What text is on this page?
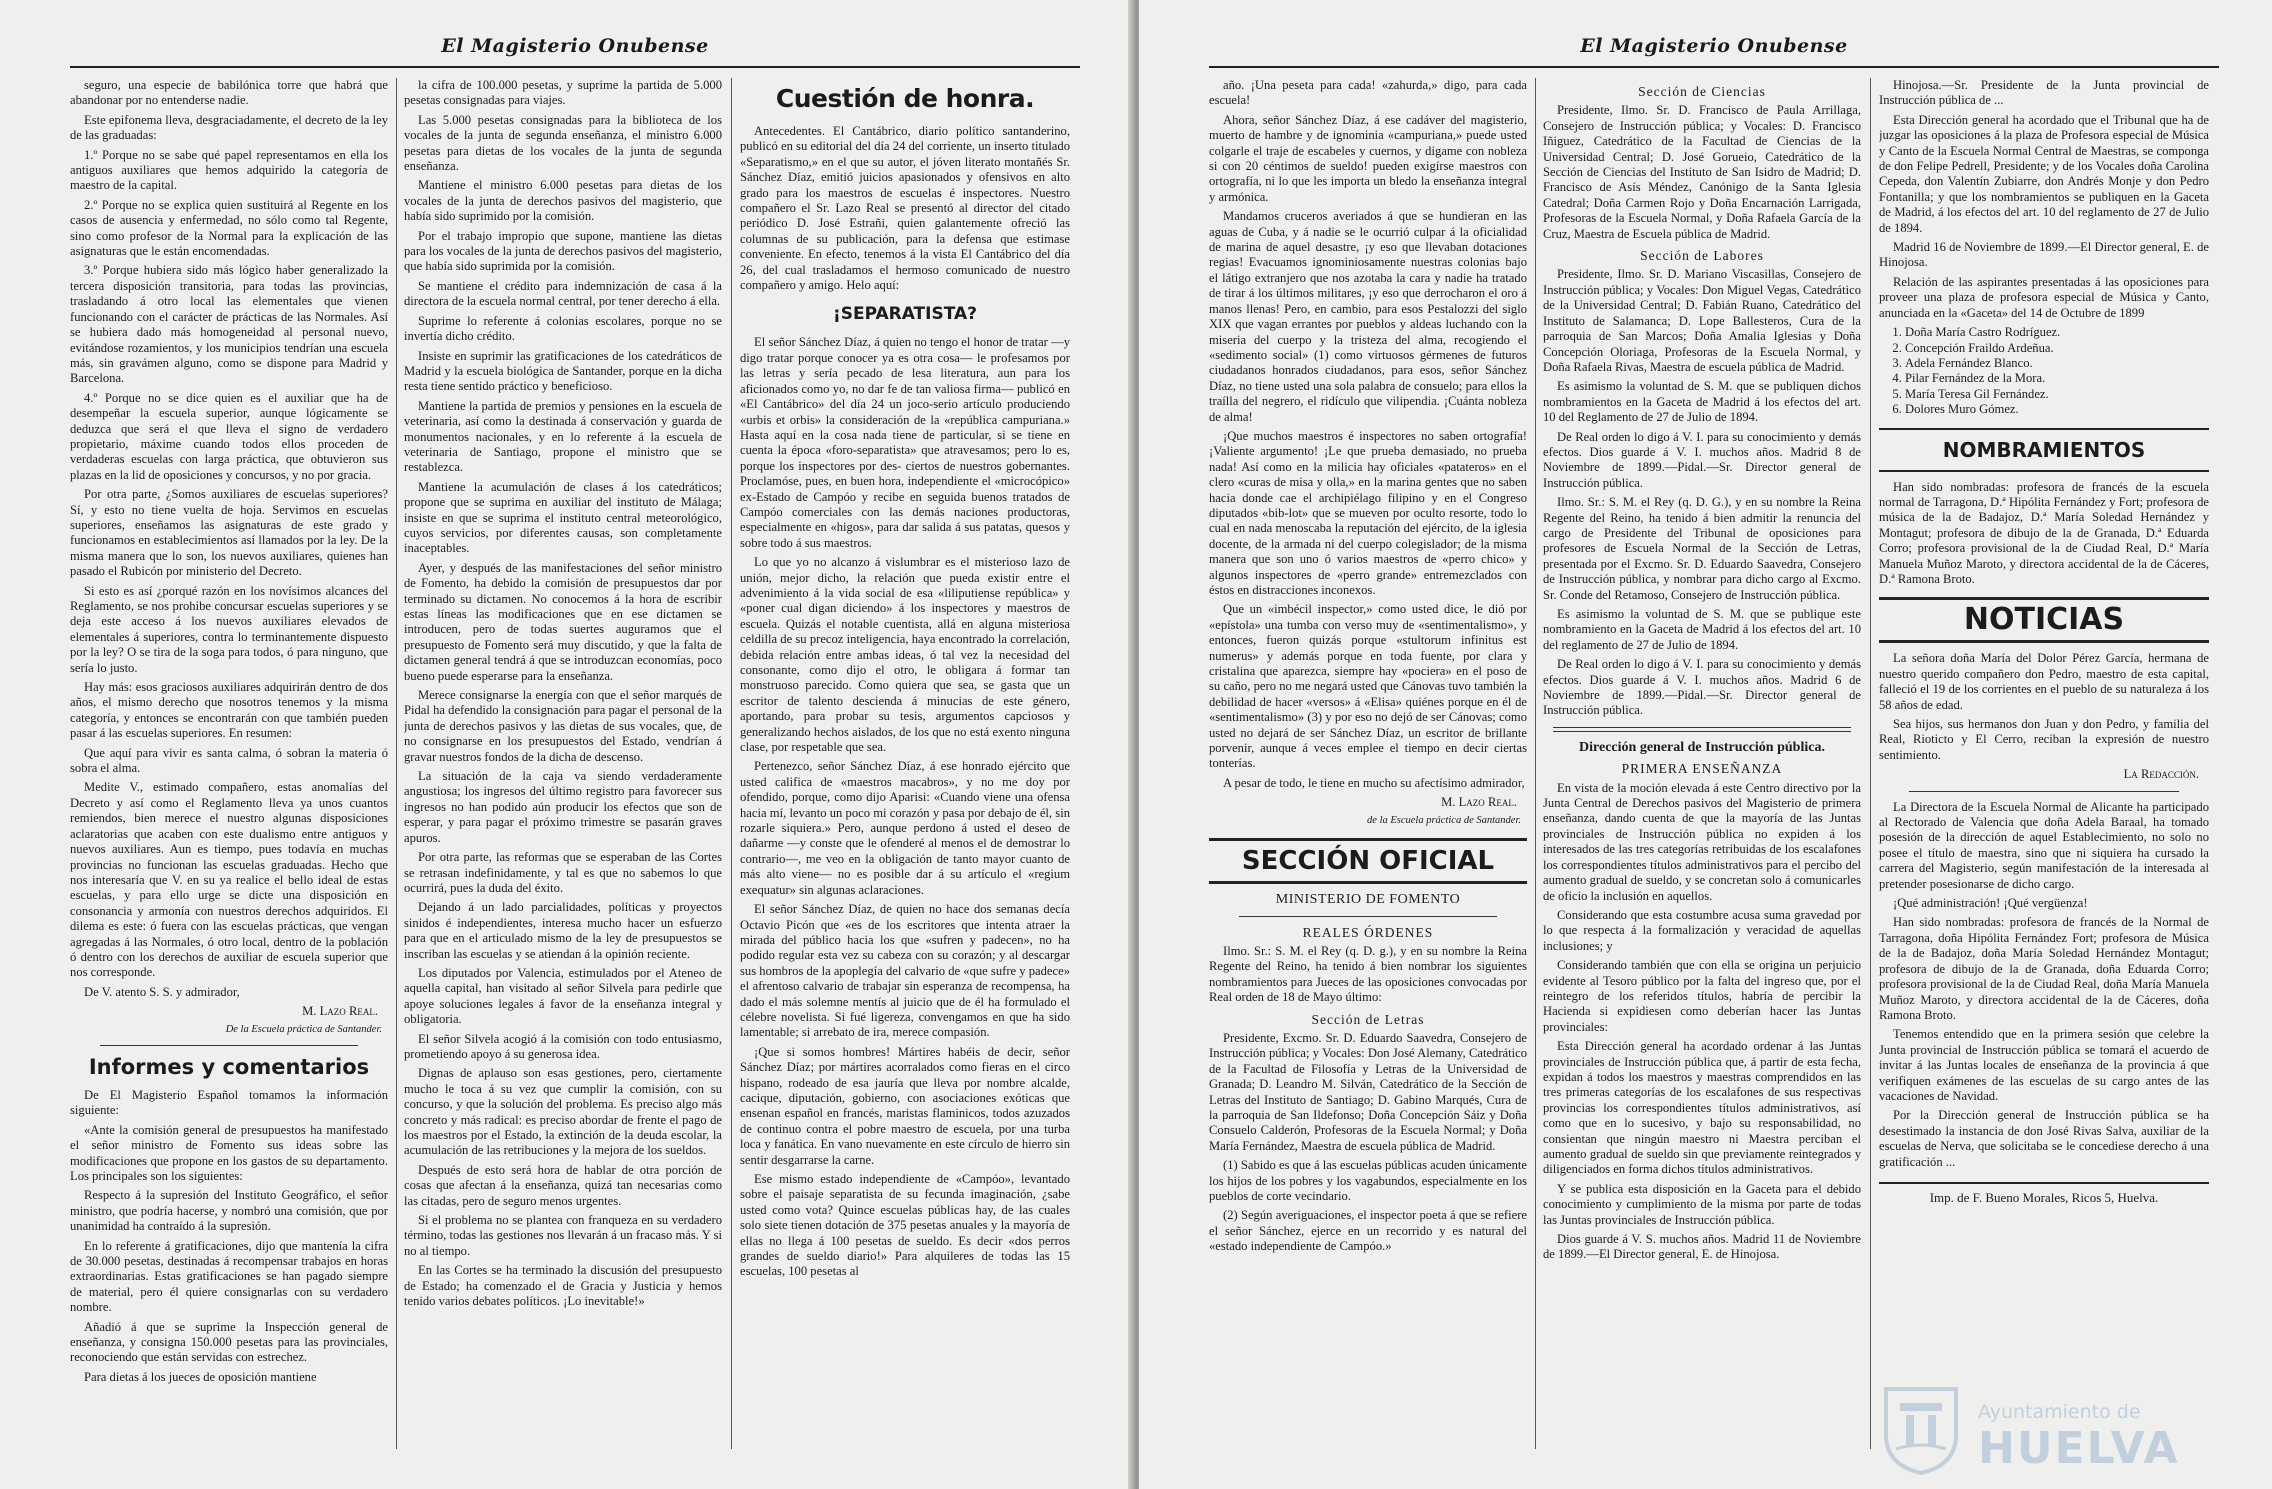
El Magisterio Onubense

seguro, una especie de babilónica torre que habrá que abandonar por no entenderse nadie.

Este epifonema lleva, desgraciadamente, el decreto de la ley de las graduadas:

1.º Porque no se sabe qué papel representamos en ella los antiguos auxiliares que hemos adquirido la categoría de maestro de la capital.

2.º Porque no se explica quien sustituirá al Regente en los casos de ausencia y enfermedad, no sólo como tal Regente, sino como profesor de la Normal para la explicación de las asignaturas que le están encomendadas.

3.º Porque hubiera sido más lógico haber generalizado la tercera disposición transitoria, para todas las provincias, trasladando á otro local las elementales que vienen funcionando con el carácter de prácticas de las Normales. Así se hubiera dado más homogeneidad al personal nuevo, evitándose rozamientos, y los municipios tendrían una escuela más, sin gravámen alguno, como se dispone para Madrid y Barcelona.

4.º Porque no se dice quien es el auxiliar que ha de desempeñar la escuela superior, aunque lógicamente se deduzca que será el que lleva el signo de verdadero propietario, máxime cuando todos ellos proceden de verdaderas escuelas con larga práctica, que obtuvieron sus plazas en la lid de oposiciones y concursos, y no por gracia.

Por otra parte, ¿Somos auxiliares de escuelas superiores? Sí, y esto no tiene vuelta de hoja. Servimos en escuelas superiores, enseñamos las asignaturas de este grado y funcionamos en establecimientos así llamados por la ley. De la misma manera que lo son, los nuevos auxiliares, quienes han pasado el Rubicón por ministerio del Decreto.

Si esto es así ¿porqué razón en los novísimos alcances del Reglamento, se nos prohibe concursar escuelas superiores y se deja este acceso á los nuevos auxiliares elevados de elementales á superiores, contra lo terminantemente dispuesto por la ley? O se tira de la soga para todos, ó para ninguno, que sería lo justo.

Hay más: esos graciosos auxiliares adquirirán dentro de dos años, el mismo derecho que nosotros tenemos y la misma categoría, y entonces se encontrarán con que también pueden pasar á las escuelas superiores. En resumen:

Que aquí para vivir es santa calma, ó sobran la materia ó sobra el alma.

Medite V., estimado compañero, estas anomalías del Decreto y así como el Reglamento lleva ya unos cuantos remiendos, bien merece el nuestro algunas disposiciones aclaratorias que acaben con este dualismo entre antiguos y nuevos auxiliares. Aun es tiempo, pues todavía en muchas provincias no funcionan las escuelas graduadas. Hecho que nos interesaría que V. en su ya realice el bello ideal de estas escuelas, y para ello urge se dicte una disposición en consonancia y armonía con nuestros derechos adquiridos. El dilema es este: ó fuera con las escuelas prácticas, que vengan agregadas á las Normales, ó otro local, dentro de la población ó dentro con los derechos de auxiliar de escuela superior que nos corresponde.

De V. atento S. S. y admirador,

M. Lazo Real.
De la Escuela práctica de Santander.
Informes y comentarios

De El Magisterio Español tomamos la información siguiente:

«Ante la comisión general de presupuestos ha manifestado el señor ministro de Fomento sus ideas sobre las modificaciones que propone en los gastos de su departamento. Los principales son los siguientes:

Respecto á la supresión del Instituto Geográfico, el señor ministro, que podría hacerse, y nombró una comisión, que por unanimidad ha contraído á la supresión.

En lo referente á gratificaciones, dijo que mantenía la cifra de 30.000 pesetas, destinadas á recompensar trabajos en horas extraordinarias. Estas gratificaciones se han pagado siempre de material, pero él quiere consignarlas con su verdadero nombre.

Añadió á que se suprime la Inspección general de enseñanza, y consigna 150.000 pesetas para las provinciales, reconociendo que están servidas con estrechez.

Para dietas á los jueces de oposición mantiene

la cifra de 100.000 pesetas, y suprime la partida de 5.000 pesetas consignadas para viajes.

Las 5.000 pesetas consignadas para la biblioteca de los vocales de la junta de segunda enseñanza, el ministro 6.000 pesetas para dietas de los vocales de la junta de segunda enseñanza.

Mantiene el ministro 6.000 pesetas para dietas de los vocales de la junta de derechos pasivos del magisterio, que había sido suprimido por la comisión.

Por el trabajo impropio que supone, mantiene las dietas para los vocales de la junta de derechos pasivos del magisterio, que había sido suprimida por la comisión.

Se mantiene el crédito para indemnización de casa á la directora de la escuela normal central, por tener derecho á ella.

Suprime lo referente á colonias escolares, porque no se invertía dicho crédito.

Insiste en suprimir las gratificaciones de los catedráticos de Madrid y la escuela biológica de Santander, porque en la dicha resta tiene sentido práctico y beneficioso.

Mantiene la partida de premios y pensiones en la escuela de veterinaria, así como la destinada á conservación y guarda de monumentos nacionales, y en lo referente á la escuela de veterinaria de Santiago, propone el ministro que se restablezca.

Mantiene la acumulación de clases á los catedráticos; propone que se suprima en auxiliar del instituto de Málaga; insiste en que se suprima el instituto central meteorológico, cuyos servicios, por diferentes causas, son completamente inaceptables.

Ayer, y después de las manifestaciones del señor ministro de Fomento, ha debido la comisión de presupuestos dar por terminado su dictamen. No conocemos á la hora de escribir estas líneas las modificaciones que en ese dictamen se introducen, pero de todas suertes auguramos que el presupuesto de Fomento será muy discutido, y que la falta de dictamen general tendrá á que se introduzcan economías, poco bueno puede esperarse para la enseñanza.

Merece consignarse la energía con que el señor marqués de Pidal ha defendido la consignación para pagar el personal de la junta de derechos pasivos y las dietas de sus vocales, que, de no consignarse en los presupuestos del Estado, vendrían á gravar nuestros fondos de la dicha de descenso.

La situación de la caja va siendo verdaderamente angustiosa; los ingresos del último registro para favorecer sus ingresos no han podido aún producir los efectos que son de esperar, y para pagar el próximo trimestre se pasarán graves apuros.

Por otra parte, las reformas que se esperaban de las Cortes se retrasan indefinidamente, y tal es que no sabemos lo que ocurrirá, pues la duda del éxito.

Dejando á un lado parcialidades, políticas y proyectos sinidos é independientes, interesa mucho hacer un esfuerzo para que en el articulado mismo de la ley de presupuestos se inscriban las escuelas y se atiendan á la opinión reciente.

Los diputados por Valencia, estimulados por el Ateneo de aquella capital, han visitado al señor Silvela para pedirle que apoye soluciones legales á favor de la enseñanza integral y obligatoria.

El señor Silvela acogió á la comisión con todo entusiasmo, prometiendo apoyo á su generosa idea.

Dignas de aplauso son esas gestiones, pero, ciertamente mucho le toca á su vez que cumplir la comisión, con su concurso, y que la solución del problema. Es preciso algo más concreto y más radical: es preciso abordar de frente el pago de los maestros por el Estado, la extinción de la deuda escolar, la acumulación de las retribuciones y la mejora de los sueldos.

Después de esto será hora de hablar de otra porción de cosas que afectan á la enseñanza, quizá tan necesarias como las citadas, pero de seguro menos urgentes.

Si el problema no se plantea con franqueza en su verdadero término, todas las gestiones nos llevarán á un fracaso más. Y si no al tiempo.

En las Cortes se ha terminado la discusión del presupuesto de Estado; ha comenzado el de Gracia y Justicia y hemos tenido varios debates políticos. ¡Lo inevitable!»

Cuestión de honra.

Antecedentes. El Cantábrico, diario político santanderino, publicó en su editorial del día 24 del corriente, un inserto titulado «Separatismo,» en el que su autor, el jóven literato montañés Sr. Sánchez Díaz, emitió juicios apasionados y ofensivos en alto grado para los maestros de escuelas é inspectores. Nuestro compañero el Sr. Lazo Real se presentó al director del citado periódico D. José Estrañi, quien galantemente ofreció las columnas de su publicación, para la defensa que estimase conveniente. En efecto, tenemos á la vista El Cantábrico del día 26, del cual trasladamos el hermoso comunicado de nuestro compañero y amigo. Helo aquí:

¡SEPARATISTA?

El señor Sánchez Díaz, á quien no tengo el honor de tratar —y digo tratar porque conocer ya es otra cosa— le profesamos por las letras y sería pecado de lesa literatura, aun para los aficionados como yo, no dar fe de tan valiosa firma— publicó en «El Cantábrico» del día 24 un joco-serio artículo produciendo «urbis et orbis» la consideración de la «república campuriana.» Hasta aquí en la cosa nada tiene de particular, si se tiene en cuenta la época «foro-separatista» que atravesamos; pero lo es, porque los inspectores por des- ciertos de nuestros gobernantes. Proclamóse, pues, en buen hora, independiente el «microcópico» ex-Estado de Campóo y recibe en seguida buenos tratados de Campóo comerciales con las demás naciones productoras, especialmente en «higos», para dar salida á sus patatas, quesos y sobre todo á sus maestros.

Lo que yo no alcanzo á vislumbrar es el misterioso lazo de unión, mejor dicho, la relación que pueda existir entre el advenimiento á la vida social de esa «liliputiense república» y «poner cual digan diciendo» á los inspectores y maestros de escuela. Quizás el notable cuentista, allá en alguna misteriosa celdilla de su precoz inteligencia, haya encontrado la correlación, debida relación entre ambas ideas, ó tal vez la necesidad del consonante, como dijo el otro, le obligara á formar tan monstruoso parecido. Como quiera que sea, se gasta que un escritor de talento descienda á minucias de este género, aportando, para probar su tesis, argumentos capciosos y generalizando hechos aislados, de los que no está exento ninguna clase, por respetable que sea.

Pertenezco, señor Sánchez Díaz, á ese honrado ejército que usted califica de «maestros macabros», y no me doy por ofendido, porque, como dijo Aparisi: «Cuando viene una ofensa hacia mí, levanto un poco mi corazón y pasa por debajo de él, sin rozarle siquiera.» Pero, aunque perdono á usted el deseo de dañarme —y conste que le ofenderé al menos el de demostrar lo contrario—, me veo en la obligación de tanto mayor cuanto de más alto viene— no es posible dar á su artículo el «regium exequatur» sin algunas aclaraciones.

El señor Sánchez Díaz, de quien no hace dos semanas decía Octavio Picón que «es de los escritores que intenta atraer la mirada del público hacia los que «sufren y padecen», no ha podido regular esta vez su cabeza con su corazón; y al descargar sus hombros de la apoplegía del calvario de «que sufre y padece» el afrentoso calvario de trabajar sin esperanza de recompensa, ha dado el más solemne mentís al juicio que de él ha formulado el célebre novelista. Si fué ligereza, convengamos en que ha sido lamentable; si arrebato de ira, merece compasión.

¡Que si somos hombres! Mártires habéis de decir, señor Sánchez Díaz; por mártires acorralados como fieras en el circo hispano, rodeado de esa jauría que lleva por nombre alcalde, cacique, diputación, gobierno, con asociaciones exóticas que ensenan español en francés, maristas flaminicos, todos azuzados de continuo contra el pobre maestro de escuela, por una turba loca y fanática. En vano nuevamente en este círculo de hierro sin sentir desgarrarse la carne.

Ese mismo estado independiente de «Campóo», levantado sobre el paisaje separatista de su fecunda imaginación, ¿sabe usted como vota? Quince escuelas públicas hay, de las cuales solo siete tienen dotación de 375 pesetas anuales y la mayoría de ellas no llega á 100 pesetas de sueldo. Es decir «dos perros grandes de sueldo diario!» Para alquileres de todas las 15 escuelas, 100 pesetas al

El Magisterio Onubense

año. ¡Una peseta para cada! «zahurda,» digo, para cada escuela!

Ahora, señor Sánchez Díaz, á ese cadáver del magisterio, muerto de hambre y de ignominia «campuriana,» puede usted colgarle el traje de escabeles y cuernos, y digame con nobleza si con 20 céntimos de sueldo! pueden exigírse maestros con ortografía, ni lo que les importa un bledo la enseñanza integral y armónica.

Mandamos cruceros averiados á que se hundieran en las aguas de Cuba, y á nadie se le ocurrió culpar á la oficialidad de marina de aquel desastre, ¡y eso que llevaban dotaciones regias! Evacuamos ignominiosamente nuestras colonias bajo el látigo extranjero que nos azotaba la cara y nadie ha tratado de tirar á los últimos militares, ¡y eso que derrocharon el oro á manos llenas! Pero, en cambio, para esos Pestalozzi del siglo XIX que vagan errantes por pueblos y aldeas luchando con la miseria del cuerpo y la tristeza del alma, recogiendo el «sedimento social» (1) como virtuosos gérmenes de futuros ciudadanos honrados ciudadanos, para esos, señor Sánchez Díaz, no tiene usted una sola palabra de consuelo; para ellos la traílla del negrero, el ridículo que vilipendia. ¡Cuánta nobleza de alma!

¡Que muchos maestros é inspectores no saben ortografía! ¡Valiente argumento! ¡Le que prueba demasiado, no prueba nada! Así como en la milicia hay oficiales «patateros» en el clero «curas de misa y olla,» en la marina gentes que no saben hacia donde cae el archipiélago filipino y en el Congreso diputados «bib-lot» que se mueven por oculto resorte, todo lo cual en nada menoscaba la reputación del ejército, de la iglesia docente, de la armada ni del cuerpo colegislador; de la misma manera que son uno ó varios maestros de «perro chico» y algunos inspectores de «perro grande» entremezclados con éstos en distracciones inconexos.

Que un «imbécil inspector,» como usted dice, le dió por «epístola» una tumba con verso muy de «sentimentalismo», y entonces, fueron quizás porque «stultorum infinitus est numerus» y además porque en toda fuente, por clara y cristalina que aparezca, siempre hay «pociera» en el poso de su caño, pero no me negará usted que Cánovas tuvo también la debilidad de hacer «versos» á «Elisa» quiénes porque en él de «sentimentalismo» (3) y por eso no dejó de ser Cánovas; como usted no dejará de ser Sánchez Díaz, un escritor de brillante porvenir, aunque á veces emplee el tiempo en decir ciertas tonterías.

A pesar de todo, le tiene en mucho su afectísimo admirador,

M. Lazo Real.
de la Escuela práctica de Santander.
SECCIÓN OFICIAL
MINISTERIO DE FOMENTO
REALES ÓRDENES

Ilmo. Sr.: S. M. el Rey (q. D. g.), y en su nombre la Reina Regente del Reino, ha tenido á bien nombrar los siguientes nombramientos para Jueces de las oposiciones convocadas por Real orden de 18 de Mayo último:

Sección de Letras

Presidente, Excmo. Sr. D. Eduardo Saavedra, Consejero de Instrucción pública; y Vocales: Don José Alemany, Catedrático de la Facultad de Filosofía y Letras de la Universidad de Granada; D. Leandro M. Silván, Catedrático de la Sección de Letras del Instituto de Santiago; D. Gabino Marqués, Cura de la parroquia de San Ildefonso; Doña Concepción Sáiz y Doña Consuelo Calderón, Profesoras de la Escuela Normal; y Doña María Fernández, Maestra de escuela pública de Madrid.

(1) Sabido es que á las escuelas públicas acuden únicamente los hijos de los pobres y los vagabundos, especialmente en los pueblos de corte vecindario.

(2) Según averiguaciones, el inspector poeta á que se refiere el señor Sánchez, ejerce en un recorrido y es natural del «estado independiente de Campóo.»

Sección de Ciencias

Presidente, Ilmo. Sr. D. Francisco de Paula Arrillaga, Consejero de Instrucción pública; y Vocales: D. Francisco Iñiguez, Catedrático de la Facultad de Ciencias de la Universidad Central; D. José Gorueio, Catedrático de la Sección de Ciencias del Instituto de San Isidro de Madrid; D. Francisco de Asís Méndez, Canónigo de la Santa Iglesia Catedral; Doña Carmen Rojo y Doña Encarnación Larrigada, Profesoras de la Escuela Normal, y Doña Rafaela García de la Cruz, Maestra de Escuela pública de Madrid.

Sección de Labores

Presidente, Ilmo. Sr. D. Mariano Viscasillas, Consejero de Instrucción pública; y Vocales: Don Miguel Vegas, Catedrático de la Universidad Central; D. Fabián Ruano, Catedrático del Instituto de Salamanca; D. Lope Ballesteros, Cura de la parroquia de San Marcos; Doña Amalia Iglesias y Doña Concepción Oloriaga, Profesoras de la Escuela Normal, y Doña Rafaela Rivas, Maestra de escuela pública de Madrid.

Es asimismo la voluntad de S. M. que se publiquen dichos nombramientos en la Gaceta de Madrid á los efectos del art. 10 del Reglamento de 27 de Julio de 1894.

De Real orden lo digo á V. I. para su conocimiento y demás efectos. Dios guarde á V. I. muchos años. Madrid 8 de Noviembre de 1899.—Pidal.—Sr. Director general de Instrucción pública.

Ilmo. Sr.: S. M. el Rey (q. D. G.), y en su nombre la Reina Regente del Reino, ha tenido á bien admitir la renuncia del cargo de Presidente del Tribunal de oposiciones para profesores de Escuela Normal de la Sección de Letras, presentada por el Excmo. Sr. D. Eduardo Saavedra, Consejero de Instrucción pública, y nombrar para dicho cargo al Excmo. Sr. Conde del Retamoso, Consejero de Instrucción pública.

Es asimismo la voluntad de S. M. que se publique este nombramiento en la Gaceta de Madrid á los efectos del art. 10 del reglamento de 27 de Julio de 1894.

De Real orden lo digo á V. I. para su conocimiento y demás efectos. Dios guarde á V. I. muchos años. Madrid 6 de Noviembre de 1899.—Pidal.—Sr. Director general de Instrucción pública.

Dirección general de Instrucción pública.
PRIMERA ENSEÑANZA

En vista de la moción elevada á este Centro directivo por la Junta Central de Derechos pasivos del Magisterio de primera enseñanza, dando cuenta de que la mayoría de las Juntas provinciales de Instrucción pública no expiden á los interesados de las tres categorías retribuidas de los escalafones los correspondientes títulos administrativos para el percibo del aumento gradual de sueldo, y se concretan solo á comunicarles de oficio la inclusión en aquellos.

Considerando que esta costumbre acusa suma gravedad por lo que respecta á la formalización y veracidad de aquellas inclusiones; y

Considerando también que con ella se origina un perjuicio evidente al Tesoro público por la falta del ingreso que, por el reintegro de los referidos títulos, habría de percibir la Hacienda si expidiesen como deberían hacer las Juntas provinciales:

Esta Dirección general ha acordado ordenar á las Juntas provinciales de Instrucción pública que, á partir de esta fecha, expidan á todos los maestros y maestras comprendidos en las tres primeras categorías de los escalafones de sus respectivas provincias los correspondientes títulos administrativos, así como que en lo sucesivo, y bajo su responsabilidad, no consientan que ningún maestro ni Maestra perciban el aumento gradual de sueldo sin que previamente reintegrados y diligenciados en forma dichos títulos administrativos.

Y se publica esta disposición en la Gaceta para el debido conocimiento y cumplimiento de la misma por parte de todas las Juntas provinciales de Instrucción pública.

Dios guarde á V. S. muchos años. Madrid 11 de Noviembre de 1899.—El Director general, E. de Hinojosa.

Hinojosa.—Sr. Presidente de la Junta provincial de Instrucción pública de ...

Esta Dirección general ha acordado que el Tribunal que ha de juzgar las oposiciones á la plaza de Profesora especial de Música y Canto de la Escuela Normal Central de Maestras, se componga de don Felipe Pedrell, Presidente; y de los Vocales doña Carolina Cepeda, don Valentín Zubiarre, don Andrés Monje y don Pedro Fontanilla; y que los nombramientos se publiquen en la Gaceta de Madrid, á los efectos del art. 10 del reglamento de 27 de Julio de 1894.

Madrid 16 de Noviembre de 1899.—El Director general, E. de Hinojosa.

Relación de las aspirantes presentadas á las oposiciones para proveer una plaza de profesora especial de Música y Canto, anunciada en la «Gaceta» del 14 de Octubre de 1899

1. Doña María Castro Rodríguez.
2. Concepción Fraildo Ardeñua.
3. Adela Fernández Blanco.
4. Pilar Fernández de la Mora.
5. María Teresa Gil Fernández.
6. Dolores Muro Gómez.
NOMBRAMIENTOS

Han sido nombradas: profesora de francés de la escuela normal de Tarragona, D.ª Hipólita Fernández y Fort; profesora de música de la de Badajoz, D.ª María Soledad Hernández y Montagut; profesora de dibujo de la de Granada, D.ª Eduarda Corro; profesora provisional de la de Ciudad Real, D.ª María Manuela Muñoz Maroto, y directora accidental de la de Cáceres, D.ª Ramona Broto.

NOTICIAS

La señora doña María del Dolor Pérez García, hermana de nuestro querido compañero don Pedro, maestro de esta capital, falleció el 19 de los corrientes en el pueblo de su naturaleza á los 58 años de edad.

Sea hijos, sus hermanos don Juan y don Pedro, y familia del Real, Rioticto y El Cerro, reciban la expresión de nuestro sentimiento.

La Redacción.

La Directora de la Escuela Normal de Alicante ha participado al Rectorado de Valencia que doña Adela Baraal, ha tomado posesión de la dirección de aquel Establecimiento, no solo no posee el título de maestra, sino que ni siquiera ha cursado la carrera del Magisterio, según manifestación de la interesada al pretender posesionarse de dicho cargo.

¡Qué administración! ¡Qué vergüenza!

Han sido nombradas: profesora de francés de la Normal de Tarragona, doña Hipólita Fernández Fort; profesora de Música de la de Badajoz, doña María Soledad Hernández Montagut; profesora de dibujo de la de Granada, doña Eduarda Corro; profesora provisional de la de Ciudad Real, doña María Manuela Muñoz Maroto, y directora accidental de la de Cáceres, doña Ramona Broto.

Tenemos entendido que en la primera sesión que celebre la Junta provincial de Instrucción pública se tomará el acuerdo de invitar á las Juntas locales de enseñanza de la provincia á que verifiquen exámenes de las escuelas de su cargo antes de las vacaciones de Navidad.

Por la Dirección general de Instrucción pública se ha desestimado la instancia de don José Rivas Salva, auxiliar de la escuelas de Nerva, que solicitaba se le concediese derecho á una gratificación ...

Imp. de F. Bueno Morales, Ricos 5, Huelva.
Ayuntamiento de
HUELVA
